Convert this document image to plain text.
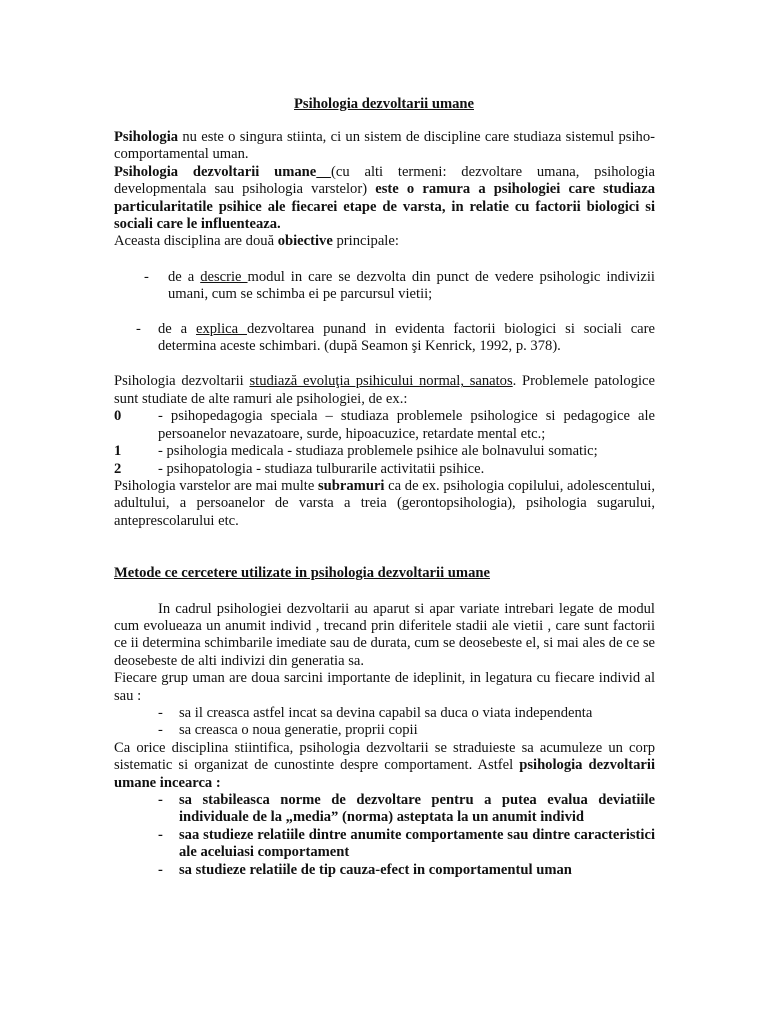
Psihologia dezvoltarii umane

Psihologia nu este o singura stiinta, ci un sistem de discipline care studiaza sistemul psiho-comportamental uman.

Psihologia dezvoltarii umane (cu alti termeni: dezvoltare umana, psihologia developmentala sau psihologia varstelor) este o ramura a psihologiei care studiaza particularitatile psihice ale fiecarei etape de varsta, in relatie cu factorii biologici si sociali care le influenteaza.

Aceasta disciplina are două obiective principale:

-	de a descrie modul in care se dezvolta din punct de vedere psihologic indivizii umani, cum se schimba ei pe parcursul vietii;
-	de a explica dezvoltarea punand in evidenta factorii biologici si sociali care determina aceste schimbari. (după Seamon şi Kenrick, 1992, p. 378).

Psihologia dezvoltarii studiază evoluţia psihicului normal, sanatos. Problemele patologice sunt studiate de alte ramuri ale psihologiei, de ex.:

0	- psihopedagogia speciala – studiaza problemele psihologice si pedagogice ale persoanelor nevazatoare, surde, hipoacuzice, retardate mental etc.;
1	- psihologia medicala - studiaza problemele psihice ale bolnavului somatic;
2	- psihopatologia - studiaza tulburarile activitatii psihice.

Psihologia varstelor are mai multe subramuri ca de ex. psihologia copilului, adolescentului, adultului, a persoanelor de varsta a treia (gerontopsihologia), psihologia sugarului, anteprescolarului etc.

Metode ce cercetere utilizate in psihologia dezvoltarii umane

In cadrul psihologiei dezvoltarii au aparut si apar variate intrebari legate de modul cum evolueaza un anumit individ , trecand prin diferitele stadii ale vietii , care sunt factorii ce ii determina schimbarile imediate sau de durata, cum se deosebeste el, si mai ales de ce se deosebeste de alti indivizi din generatia sa.

Fiecare grup uman are doua sarcini importante de ideplinit, in legatura cu fiecare individ al sau :

-	sa il creasca astfel incat sa devina capabil sa duca o viata independenta
-	sa creasca o noua generatie, proprii copii

Ca orice disciplina stiintifica, psihologia dezvoltarii se straduieste sa acumuleze un corp sistematic si organizat de cunostinte despre comportament. Astfel psihologia dezvoltarii umane incearca :

-	sa stabileasca norme de dezvoltare pentru a putea evalua deviatiile individuale de la „media” (norma) asteptata la un anumit individ
-	saa studieze relatiile dintre anumite comportamente sau dintre caracteristici ale aceluiasi comportament
-	sa studieze relatiile de tip cauza-efect in comportamentul uman
